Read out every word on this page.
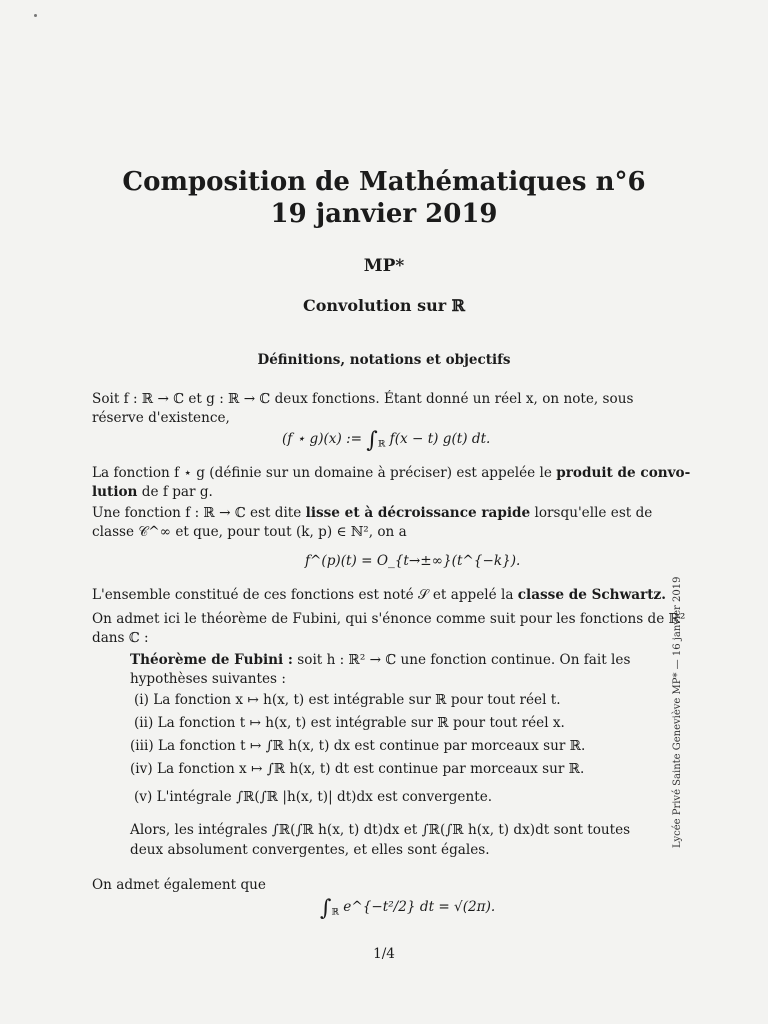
Composition de Mathématiques n°6
19 janvier 2019
MP*
Convolution sur ℝ
Définitions, notations et objectifs
Soit f : ℝ → ℂ et g : ℝ → ℂ deux fonctions. Étant donné un réel x, on note, sous
réserve d'existence,
(f ⋆ g)(x) := $\int_ℝ$ f(x − t) g(t) dt.
La fonction f ⋆ g (définie sur un domaine à préciser) est appelée le produit de convo-
lution de f par g.
Une fonction f : ℝ → ℂ est dite lisse et à décroissance rapide lorsqu'elle est de
classe 𝒞^∞ et que, pour tout (k, p) ∈ ℕ², on a
f^(p)(t) = O_{t→±∞}(t^{−k}).
L'ensemble constitué de ces fonctions est noté 𝒮 et appelé la classe de Schwartz.
On admet ici le théorème de Fubini, qui s'énonce comme suit pour les fonctions de ℝ²
dans ℂ :
Théorème de Fubini : soit h : ℝ² → ℂ une fonction continue. On fait les
hypothèses suivantes :
(i) La fonction x ↦ h(x, t) est intégrable sur ℝ pour tout réel t.
(ii) La fonction t ↦ h(x, t) est intégrable sur ℝ pour tout réel x.
(iii) La fonction t ↦ ∫ℝ h(x, t) dx est continue par morceaux sur ℝ.
(iv) La fonction x ↦ ∫ℝ h(x, t) dt est continue par morceaux sur ℝ.
(v) L'intégrale ∫ℝ(∫ℝ |h(x, t)| dt)dx est convergente.
Alors, les intégrales ∫ℝ(∫ℝ h(x, t) dt)dx et ∫ℝ(∫ℝ h(x, t) dx)dt sont toutes
deux absolument convergentes, et elles sont égales.
On admet également que
$\int_ℝ$ e^{−t²/2} dt = √(2π).
1/4
Lycée Privé Sainte Geneviève MP* — 16 janvier 2019
